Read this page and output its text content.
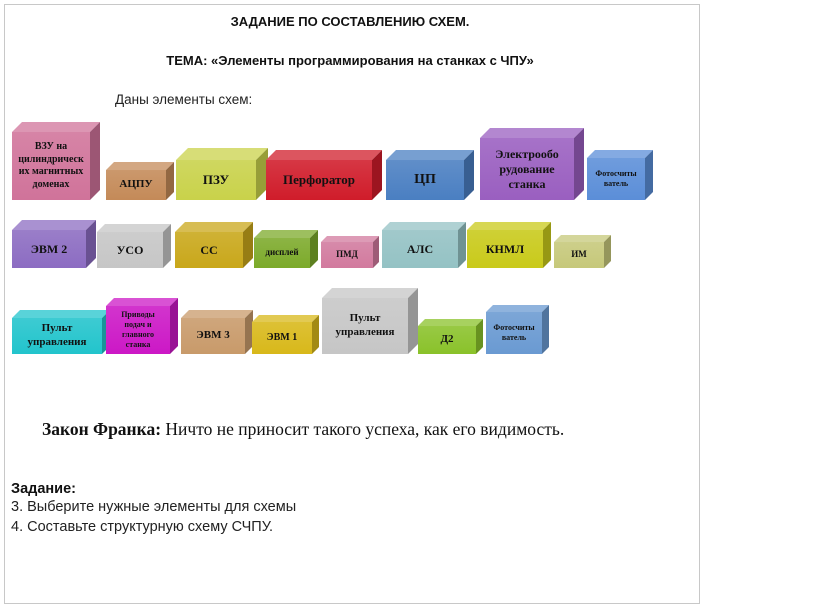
ЗАДАНИЕ ПО СОСТАВЛЕНИЮ СХЕМ.
ТЕМА: «Элементы программирования на станках с ЧПУ»
Даны элементы схем:
ВЗУ на
цилиндрическ
их магнитных
доменах	АЦПУ	ПЗУ	Перфоратор	ЦП
Электрообо
рудование
станка
Фотосчиты
ватель
ЭВМ 2	УСО	СС	дисплей	ПМД	АЛС	КНМЛ	ИМ
Пульт
управления
Приводы
подач и
главного
станка
ЭВМ 3	ЭВМ 1
Пульт
управления
Д2
Фотосчиты
ватель
Закон Франка: Ничто не приносит такого успеха, как его видимость.
Задание:
3. Выберите нужные элементы для схемы
4. Составьте структурную схему СЧПУ.
